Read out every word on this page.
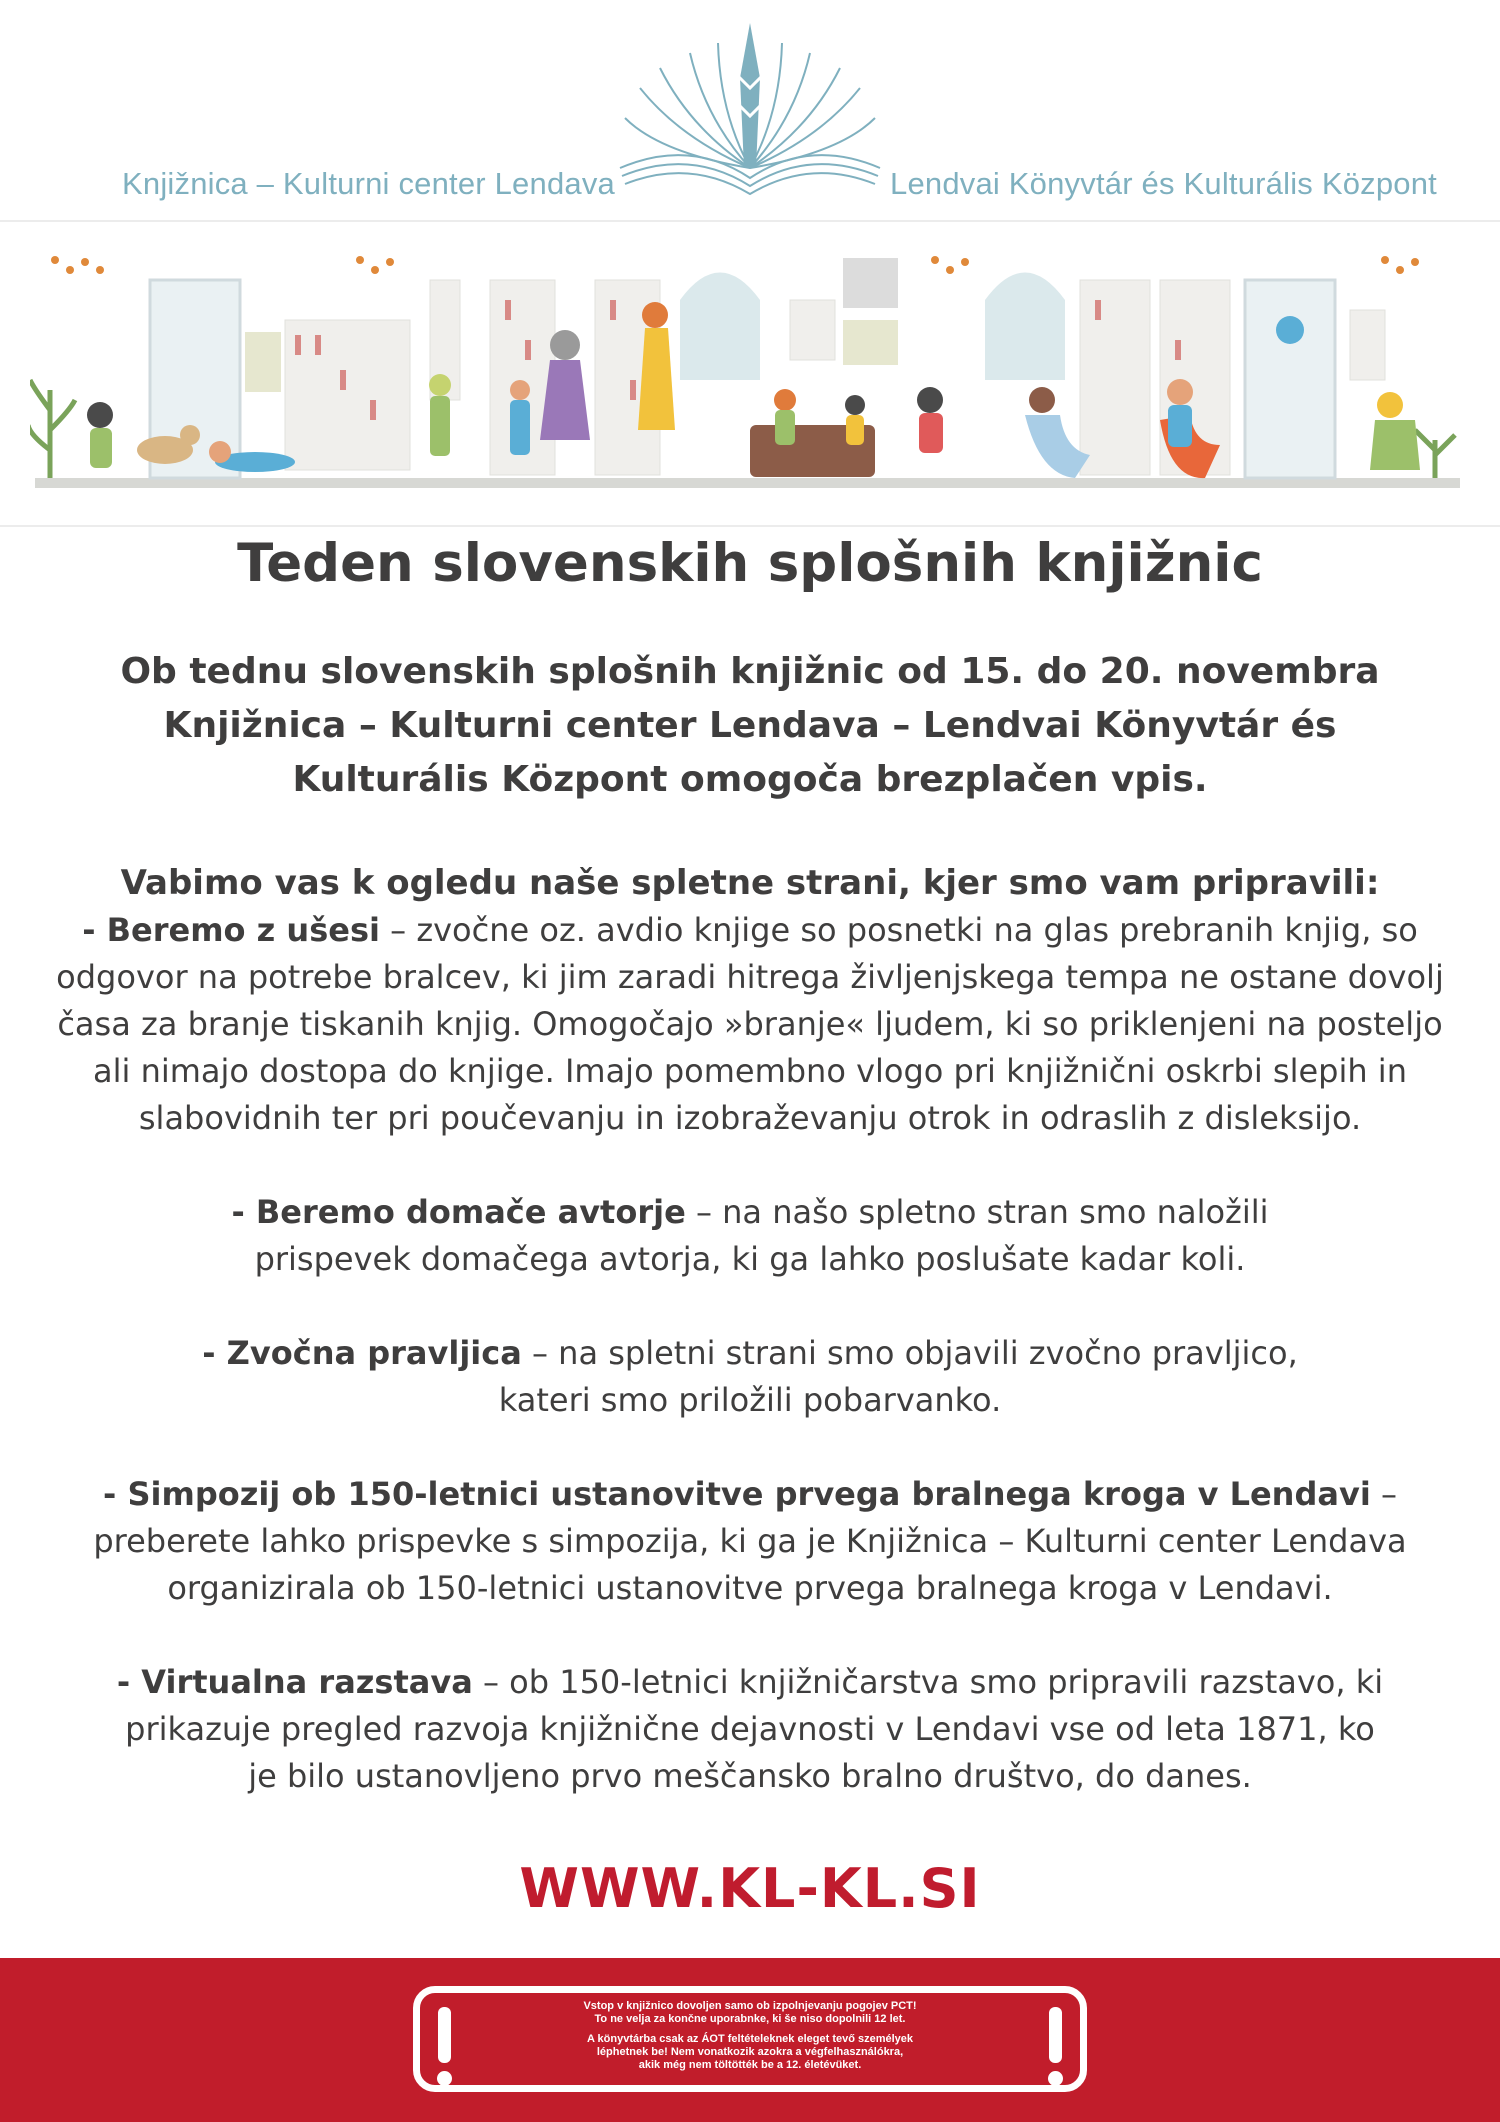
Knjižnica – Kulturni center Lendava	Lendvai Könyvtár és Kulturális Központ
Teden slovenskih splošnih knjižnic
Ob tednu slovenskih splošnih knjižnic od 15. do 20. novembra Knjižnica – Kulturni center Lendava – Lendvai Könyvtár és Kulturális Központ omogoča brezplačen vpis.
Vabimo vas k ogledu naše spletne strani, kjer smo vam pripravili:
- Beremo z ušesi – zvočne oz. avdio knjige so posnetki na glas prebranih knjig, so odgovor na potrebe bralcev, ki jim zaradi hitrega življenjskega tempa ne ostane dovolj časa za branje tiskanih knjig. Omogočajo »branje« ljudem, ki so priklenjeni na posteljo ali nimajo dostopa do knjige. Imajo pomembno vlogo pri knjižnični oskrbi slepih in slabovidnih ter pri poučevanju in izobraževanju otrok in odraslih z disleksijo.
- Beremo domače avtorje – na našo spletno stran smo naložili prispevek domačega avtorja, ki ga lahko poslušate kadar koli.
- Zvočna pravljica – na spletni strani smo objavili zvočno pravljico, kateri smo priložili pobarvanko.
- Simpozij ob 150-letnici ustanovitve prvega bralnega kroga v Lendavi – preberete lahko prispevke s simpozija, ki ga je Knjižnica – Kulturni center Lendava organizirala ob 150-letnici ustanovitve prvega bralnega kroga v Lendavi.
- Virtualna razstava – ob 150-letnici knjižničarstva smo pripravili razstavo, ki prikazuje pregled razvoja knjižnične dejavnosti v Lendavi vse od leta 1871, ko je bilo ustanovljeno prvo meščansko bralno društvo, do danes.
WWW.KL-KL.SI
Vstop v knjižnico dovoljen samo ob izpolnjevanju pogojev PCT!
To ne velja za končne uporabnke, ki še niso dopolnili 12 let.
A könyvtárba csak az ÁOT feltételeknek eleget tevő személyek
léphetnek be! Nem vonatkozik azokra a végfelhasználókra,
akik még nem töltötték be a 12. életévüket.
